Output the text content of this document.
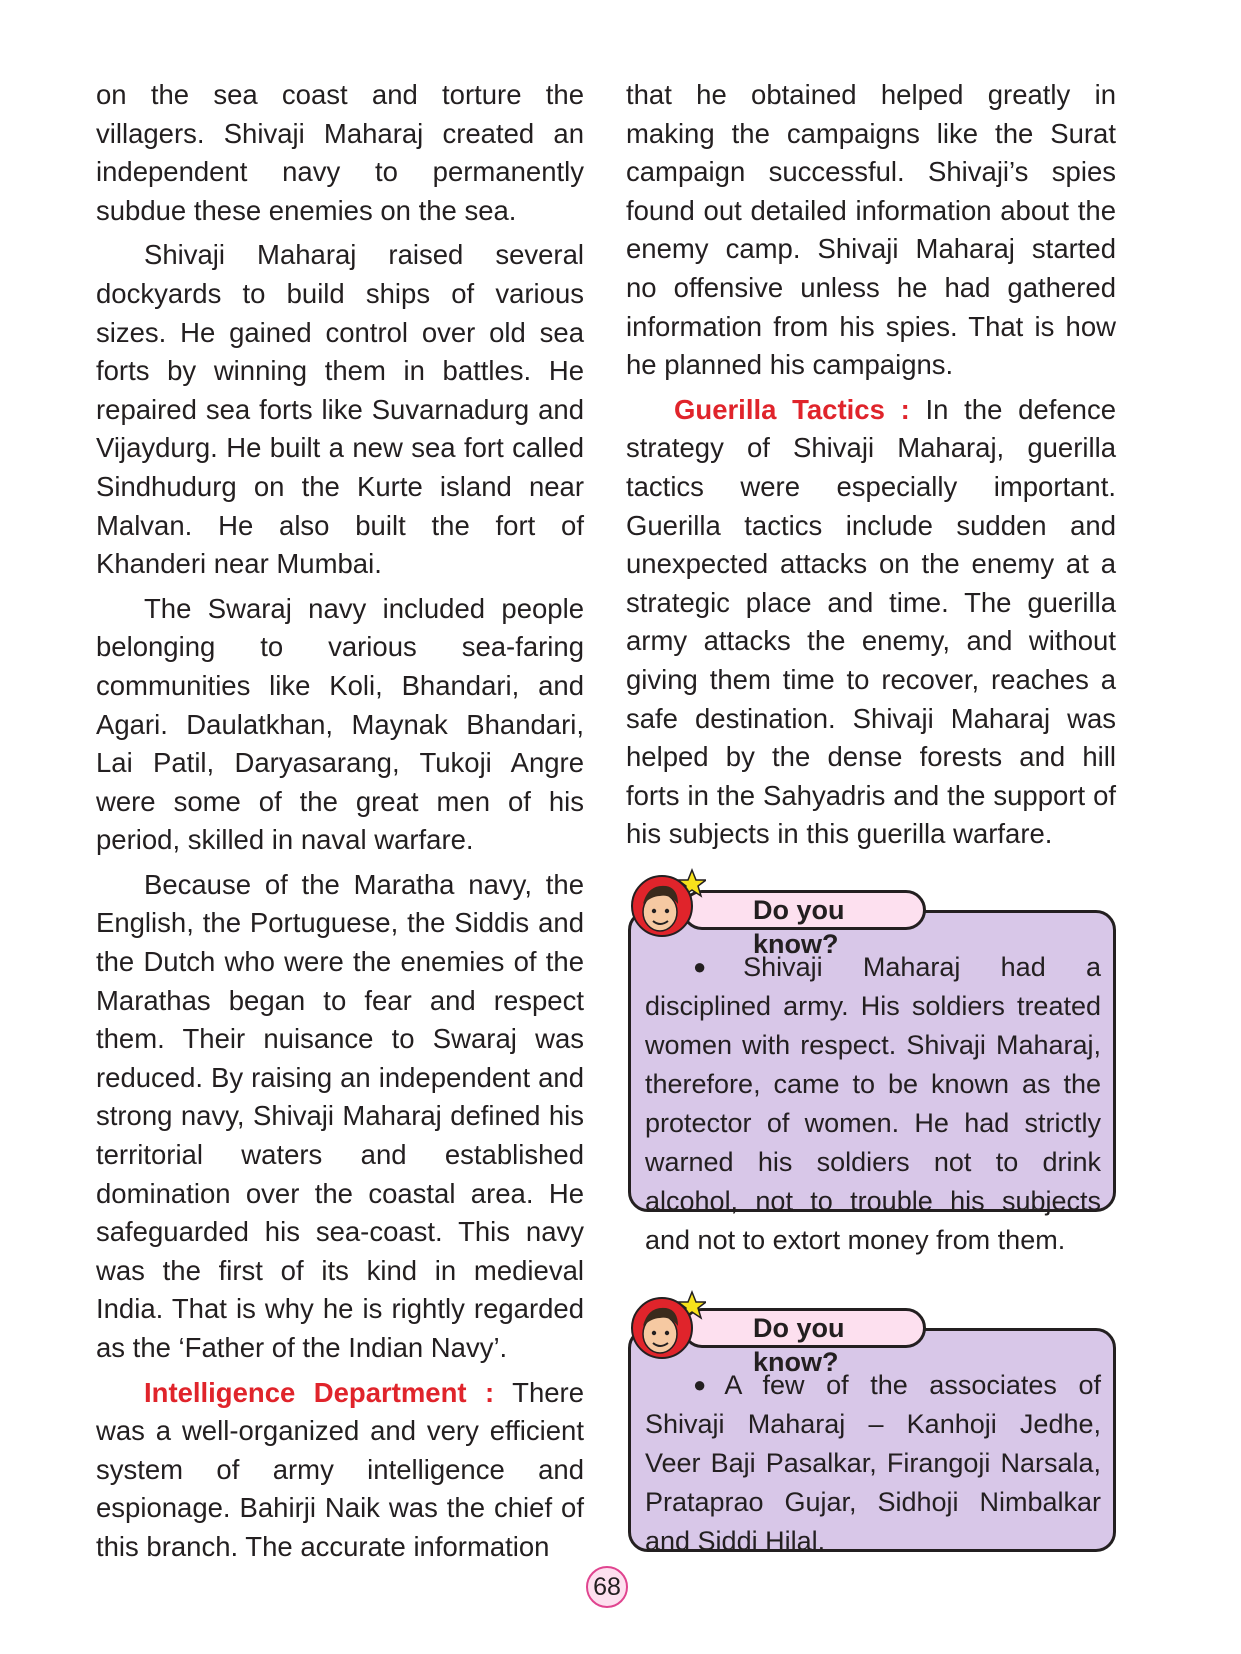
on the sea coast and torture the villagers. Shivaji Maharaj created an independent navy to permanently subdue these enemies on the sea.

Shivaji Maharaj raised several dockyards to build ships of various sizes. He gained control over old sea forts by winning them in battles. He repaired sea forts like Suvarnadurg and Vijaydurg. He built a new sea fort called Sindhudurg on the Kurte island near Malvan. He also built the fort of Khanderi near Mumbai.

The Swaraj navy included people belonging to various sea-faring communities like Koli, Bhandari, and Agari. Daulatkhan, Maynak Bhandari, Lai Patil, Daryasarang, Tukoji Angre were some of the great men of his period, skilled in naval warfare.

Because of the Maratha navy, the English, the Portuguese, the Siddis and the Dutch who were the enemies of the Marathas began to fear and respect them. Their nuisance to Swaraj was reduced. By raising an independent and strong navy, Shivaji Maharaj defined his territorial waters and established domination over the coastal area. He safeguarded his sea-coast. This navy was the first of its kind in medieval India. That is why he is rightly regarded as the ‘Father of the Indian Navy’.

Intelligence Department : There was a well-organized and very efficient system of army intelligence and espionage. Bahirji Naik was the chief of this branch. The accurate information

that he obtained helped greatly in making the campaigns like the Surat campaign successful. Shivaji’s spies found out detailed information about the enemy camp. Shivaji Maharaj started no offensive unless he had gathered information from his spies. That is how he planned his campaigns.

Guerilla Tactics : In the defence strategy of Shivaji Maharaj, guerilla tactics were especially important. Guerilla tactics include sudden and unexpected attacks on the enemy at a strategic place and time. The guerilla army attacks the enemy, and without giving them time to recover, reaches a safe destination. Shivaji Maharaj was helped by the dense forests and hill forts in the Sahyadris and the support of his subjects in this guerilla warfare.

Do you know?

● Shivaji Maharaj had a disciplined army. His soldiers treated women with respect. Shivaji Maharaj, therefore, came to be known as the protector of women. He had strictly warned his soldiers not to drink alcohol, not to trouble his subjects and not to extort money from them.

Do you know?

● A few of the associates of Shivaji Maharaj – Kanhoji Jedhe, Veer Baji Pasalkar, Firangoji Narsala, Prataprao Gujar, Sidhoji Nimbalkar and Siddi Hilal.

68
